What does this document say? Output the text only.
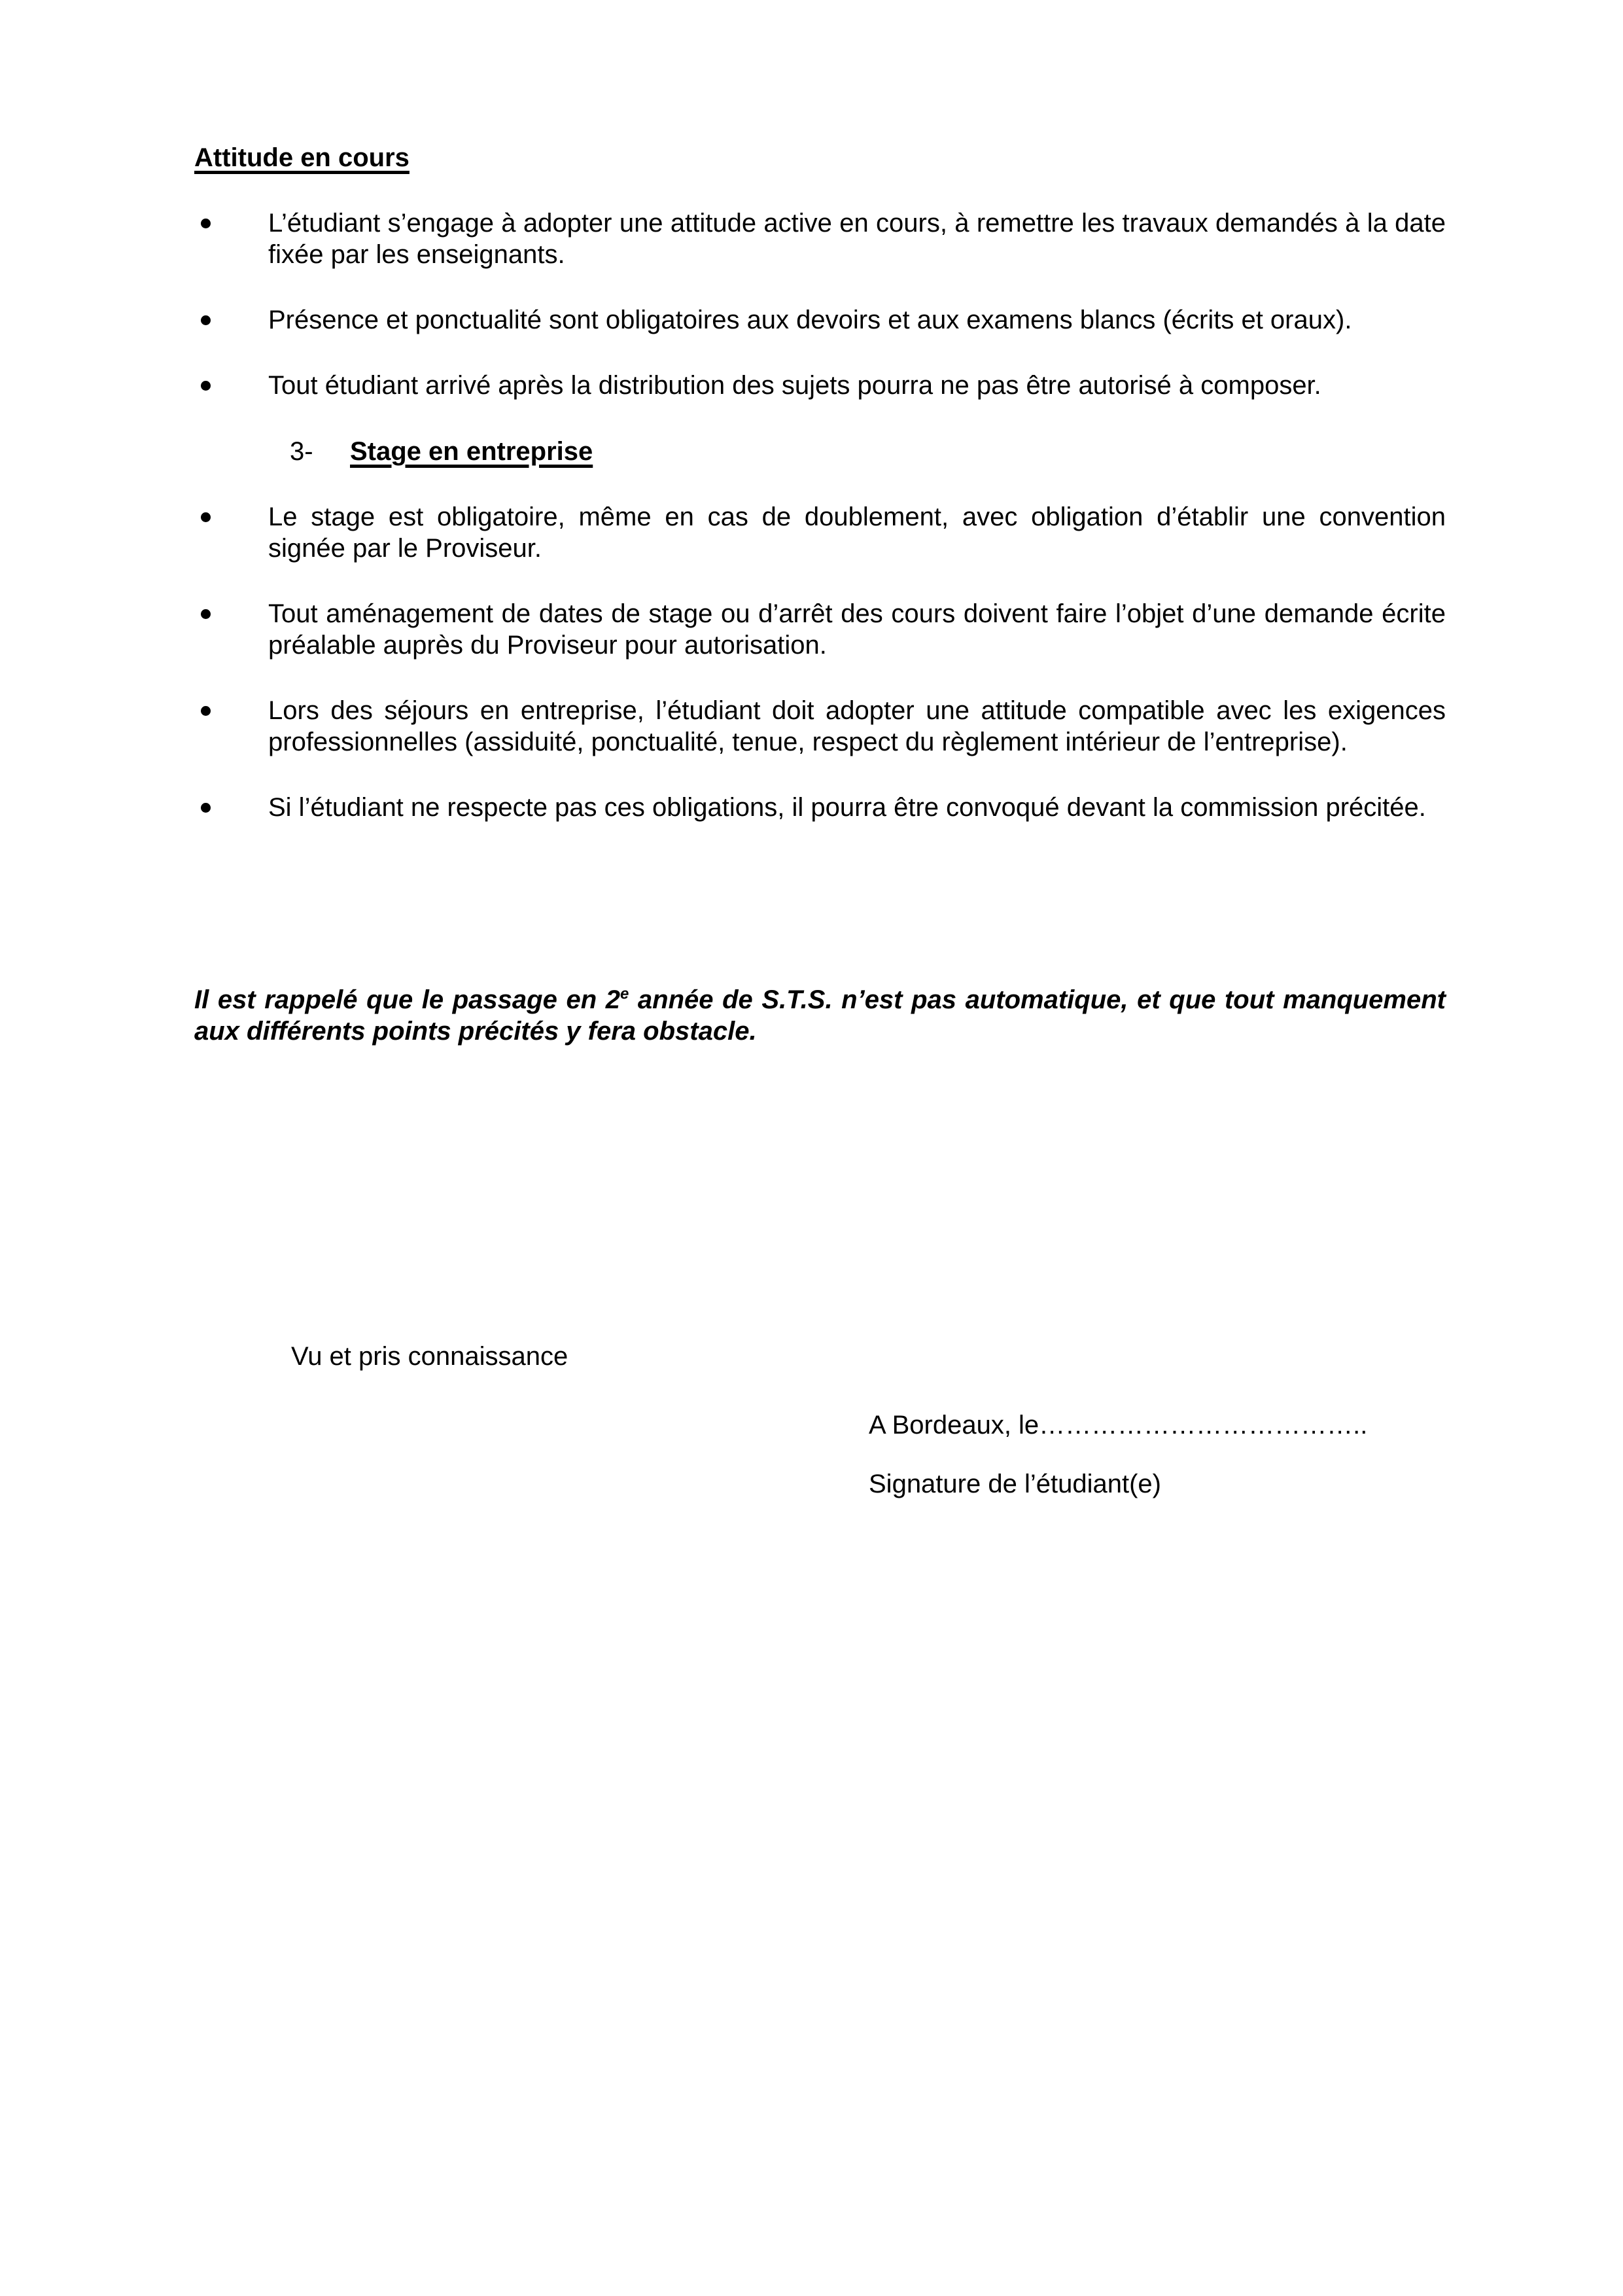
Attitude en cours
L’étudiant s’engage à adopter une attitude active en cours, à remettre les travaux demandés à la date fixée par les enseignants.
Présence et ponctualité sont obligatoires aux devoirs et aux examens blancs (écrits et oraux).
Tout étudiant arrivé après la distribution des sujets pourra ne pas être autorisé à composer.
3- Stage en entreprise
Le stage est obligatoire, même en cas de doublement, avec obligation d’établir une convention signée par le Proviseur.
Tout aménagement de dates de stage ou d’arrêt des cours doivent faire l’objet d’une demande écrite préalable auprès du Proviseur pour autorisation.
Lors des séjours en entreprise, l’étudiant doit adopter une attitude compatible avec les exigences professionnelles (assiduité, ponctualité, tenue, respect du règlement intérieur de l’entreprise).
Si l’étudiant ne respecte pas ces obligations, il pourra être convoqué devant la commission précitée.

Il est rappelé que le passage en 2e année de S.T.S. n’est pas automatique, et que tout manquement aux différents points précités y fera obstacle.

Vu et pris connaissance

A Bordeaux, le………………………………..

Signature de l’étudiant(e)
